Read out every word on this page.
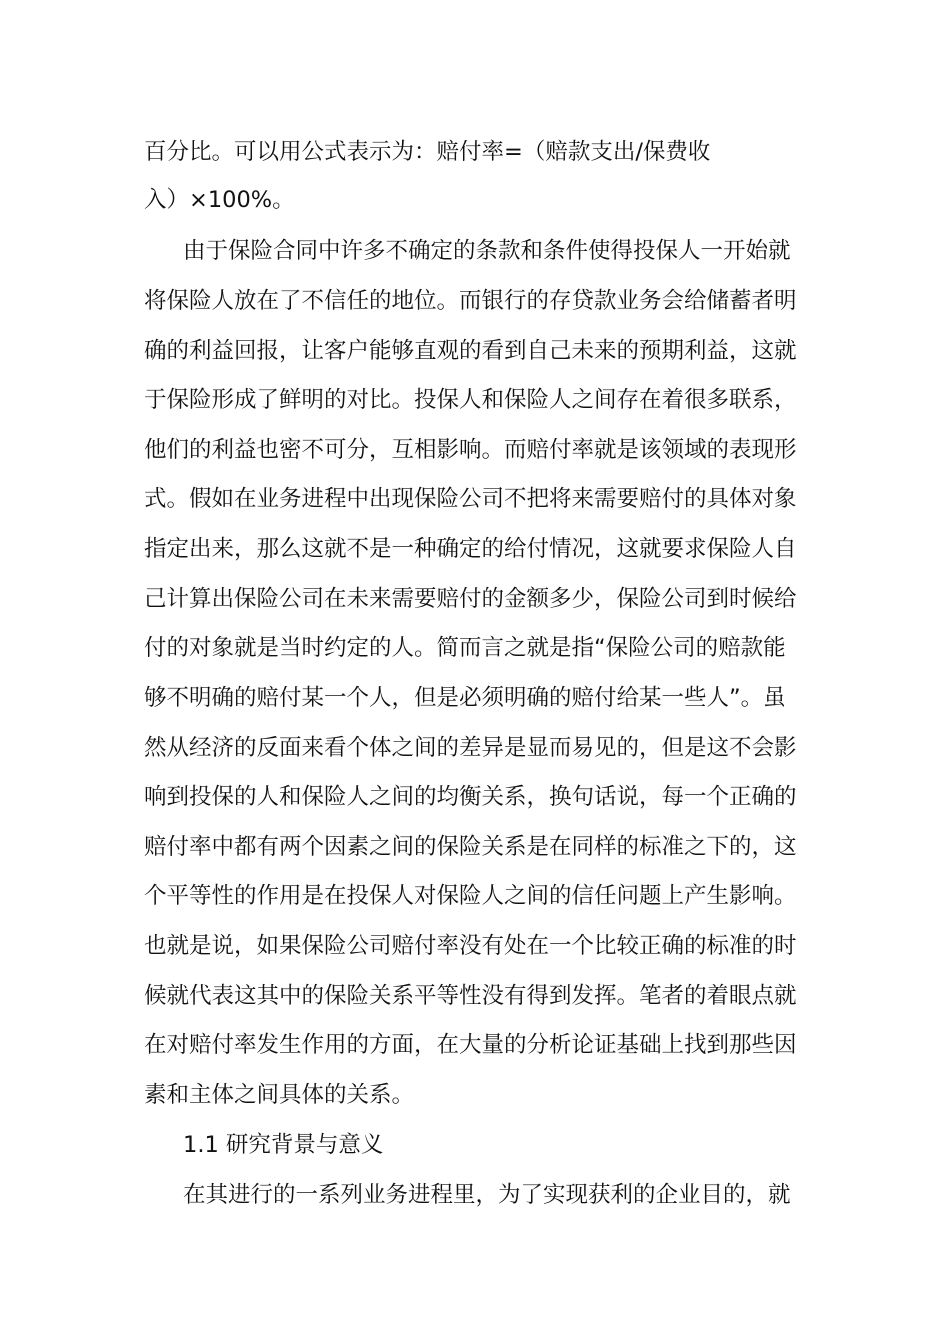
百分比。可以用公式表示为：赔付率=（赔款支出/保费收
入）×100%。
由于保险合同中许多不确定的条款和条件使得投保人一开始就
将保险人放在了不信任的地位。而银行的存贷款业务会给储蓄者明
确的利益回报，让客户能够直观的看到自己未来的预期利益，这就
于保险形成了鲜明的对比。投保人和保险人之间存在着很多联系，
他们的利益也密不可分，互相影响。而赔付率就是该领域的表现形
式。假如在业务进程中出现保险公司不把将来需要赔付的具体对象
指定出来，那么这就不是一种确定的给付情况，这就要求保险人自
己计算出保险公司在未来需要赔付的金额多少，保险公司到时候给
付的对象就是当时约定的人。简而言之就是指“保险公司的赔款能
够不明确的赔付某一个人，但是必须明确的赔付给某一些人”。虽
然从经济的反面来看个体之间的差异是显而易见的，但是这不会影
响到投保的人和保险人之间的均衡关系，换句话说，每一个正确的
赔付率中都有两个因素之间的保险关系是在同样的标准之下的，这
个平等性的作用是在投保人对保险人之间的信任问题上产生影响。
也就是说，如果保险公司赔付率没有处在一个比较正确的标准的时
候就代表这其中的保险关系平等性没有得到发挥。笔者的着眼点就
在对赔付率发生作用的方面，在大量的分析论证基础上找到那些因
素和主体之间具体的关系。
1.1 研究背景与意义
在其进行的一系列业务进程里，为了实现获利的企业目的，就
